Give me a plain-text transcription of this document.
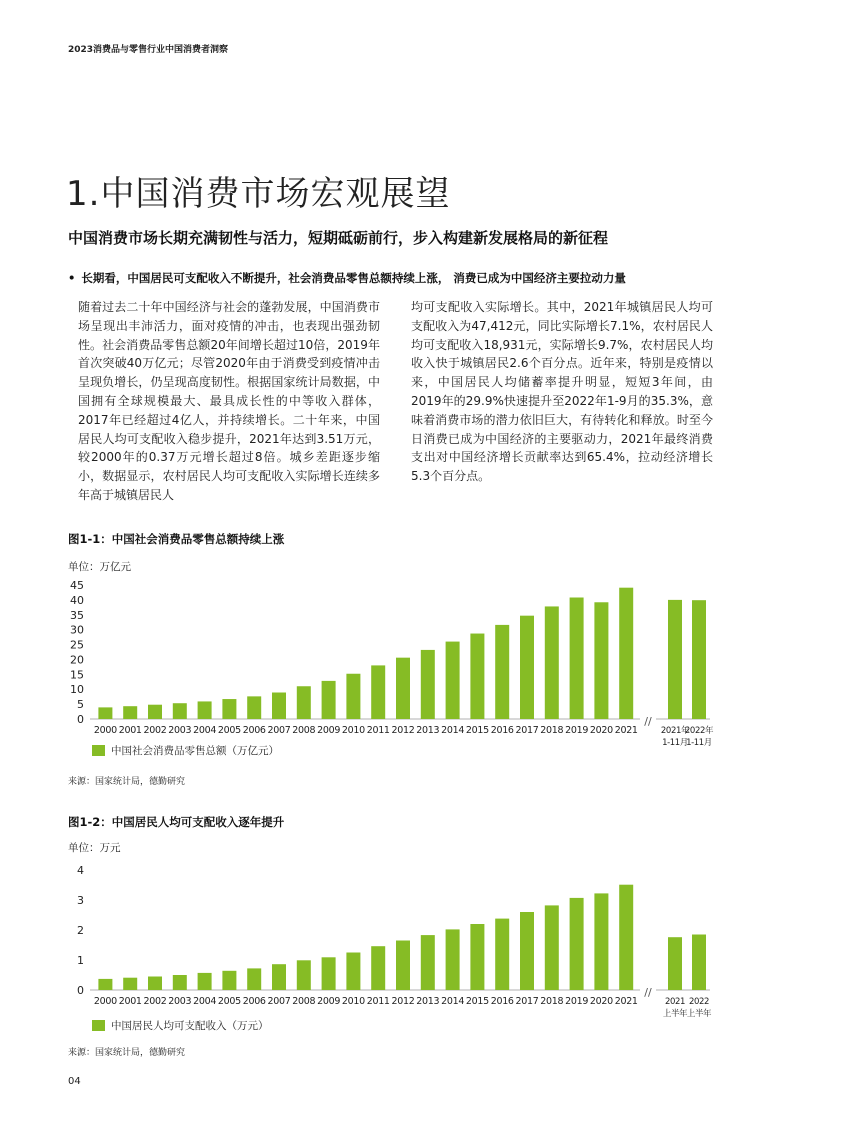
2023消费品与零售行业中国消费者洞察
1.中国消费市场宏观展望
中国消费市场长期充满韧性与活力，短期砥砺前行，步入构建新发展格局的新征程
• 长期看，中国居民可支配收入不断提升，社会消费品零售总额持续上涨， 消费已成为中国经济主要拉动力量
随着过去二十年中国经济与社会的蓬勃发展，中国消费市场呈现出丰沛活力，面对疫情的冲击，也表现出强劲韧性。社会消费品零售总额20年间增长超过10倍，2019年首次突破40万亿元；尽管2020年由于消费受到疫情冲击呈现负增长，仍呈现高度韧性。根据国家统计局数据，中国拥有全球规模最大、最具成长性的中等收入群体，2017年已经超过4亿人，并持续增长。二十年来，中国居民人均可支配收入稳步提升，2021年达到3.51万元，较2000年的0.37万元增长超过8倍。城乡差距逐步缩小，数据显示，农村居民人均可支配收入实际增长连续多年高于城镇居民人
均可支配收入实际增长。其中，2021年城镇居民人均可支配收入为47,412元，同比实际增长7.1%，农村居民人均可支配收入18,931元，实际增长9.7%，农村居民人均收入快于城镇居民2.6个百分点。近年来，特别是疫情以来，中国居民人均储蓄率提升明显，短短3年间，由2019年的29.9%快速提升至2022年1-9月的35.3%，意味着消费市场的潜力依旧巨大，有待转化和释放。时至今日消费已成为中国经济的主要驱动力，2021年最终消费支出对中国经济增长贡献率达到65.4%，拉动经济增长5.3个百分点。
图1-1：中国社会消费品零售总额持续上涨
单位：万亿元
0
5
10
15
20
25
30
35
40
45
//
2000 2001 2002 2003 2004 2005 2006 2007 2008 2009 2010 2011 2012 2013 2014 2015 2016 2017 2018 2019 2020 2021	2021年
1-11月
2022年
1-11月
中国社会消费品零售总额（万亿元）
来源：国家统计局，德勤研究
图1-2：中国居民人均可支配收入逐年提升
单位：万元
0
1
2
3
4
//
2000 2001 2002 2003 2004 2005 2006 2007 2008 2009 2010 2011 2012 2013 2014 2015 2016 2017 2018 2019 2020 2021	2021
上半年
2022
上半年
中国居民人均可支配收入（万元）
来源：国家统计局，德勤研究
04
